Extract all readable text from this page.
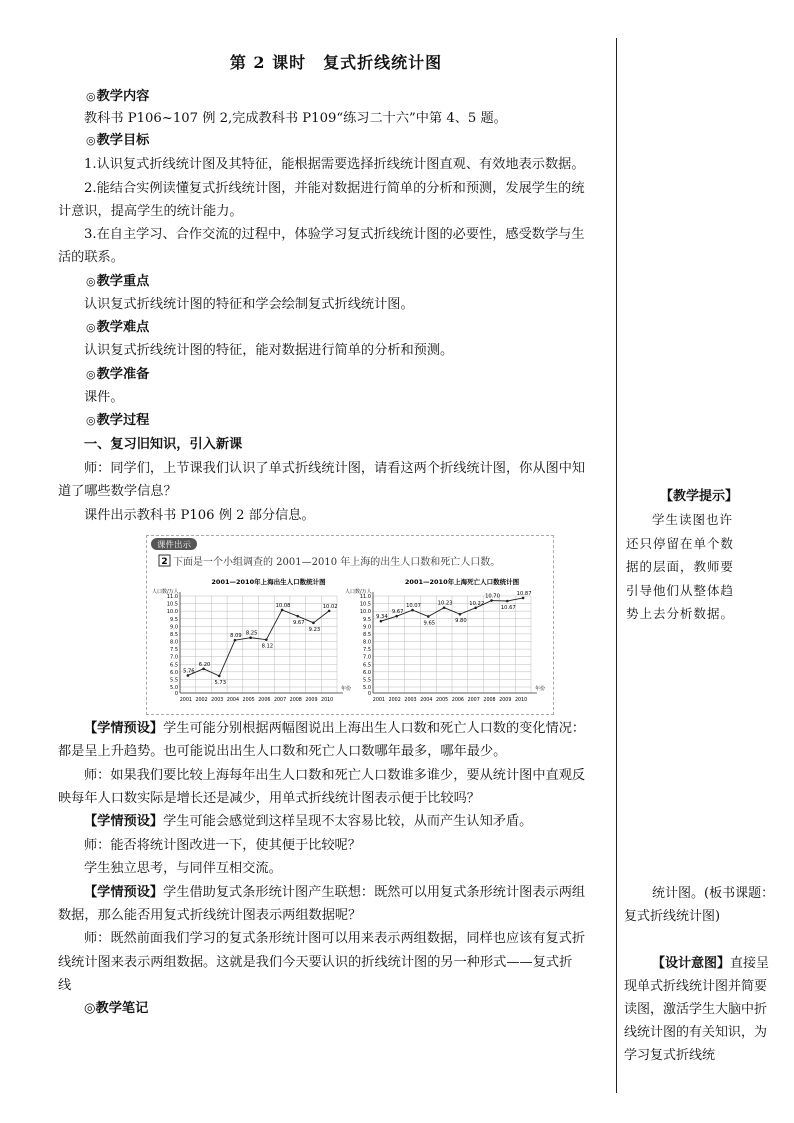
第 2 课时　复式折线统计图
◎教学内容
教科书 P106~107 例 2,完成教科书 P109“练习二十六”中第 4、5 题。
◎教学目标
1.认识复式折线统计图及其特征，能根据需要选择折线统计图直观、有效地表示数据。
2.能结合实例读懂复式折线统计图，并能对数据进行简单的分析和预测，发展学生的统
计意识，提高学生的统计能力。
3.在自主学习、合作交流的过程中，体验学习复式折线统计图的必要性，感受数学与生
活的联系。
◎教学重点
认识复式折线统计图的特征和学会绘制复式折线统计图。
◎教学难点
认识复式折线统计图的特征，能对数据进行简单的分析和预测。
◎教学准备
课件。
◎教学过程
一、复习旧知识，引入新课
师：同学们，上节课我们认识了单式折线统计图，请看这两个折线统计图，你从图中知
道了哪些数学信息？
课件出示教科书 P106 例 2 部分信息。
【学情预设】学生可能分别根据两幅图说出上海出生人口数和死亡人口数的变化情况：
都是呈上升趋势。也可能说出出生人口数和死亡人口数哪年最多，哪年最少。
师：如果我们要比较上海每年出生人口数和死亡人口数谁多谁少，要从统计图中直观反
映每年人口数实际是增长还是减少，用单式折线统计图表示便于比较吗？
【学情预设】学生可能会感觉到这样呈现不太容易比较，从而产生认知矛盾。
师：能否将统计图改进一下，使其便于比较呢？
学生独立思考，与同伴互相交流。
【学情预设】学生借助复式条形统计图产生联想：既然可以用复式条形统计图表示两组
数据，那么能否用复式折线统计图表示两组数据呢？
师：既然前面我们学习的复式条形统计图可以用来表示两组数据，同样也应该有复式折
线统计图来表示两组数据。这就是我们今天要认识的折线统计图的另一种形式——复式折
线
◎教学笔记
【教学提示】
学生读图也许还只停留在单个数据的层面，教师要引导他们从整体趋势上去分析数据。
统计图。(板书课题：复式折线统计图)
【设计意图】直接呈现单式折线统计图并简要读图，激活学生大脑中折线统计图的有关知识，为学习复式折线统
课件出示
2 下面是一个小组调查的 2001—2010 年上海的出生人口数和死亡人口数。
2001—2010年上海出生人口数统计图
人口数/万人
0
5.0
5.5
6.0
6.5
7.0
7.5
8.0
8.5
9.0
9.5
10.0
10.5
11.0
年份
2001 2002 2003 2004 2005 2006 2007 2008 2009 2010
5.76
6.20
5.73
8.09 8.25
8.12
10.08
9.67
9.23
10.02
2001—2010年上海死亡人口数统计图
人口数/万人
0
5.0
5.5
6.0
6.5
7.0
7.5
8.0
8.5
9.0
9.5
10.0
10.5
11.0
年份
2001 2002 2003 2004 2005 2006 2007 2008 2009 2010
9.34
9.67
10.07
9.65
10.23
9.80
10.22
10.70
10.67
10.87
